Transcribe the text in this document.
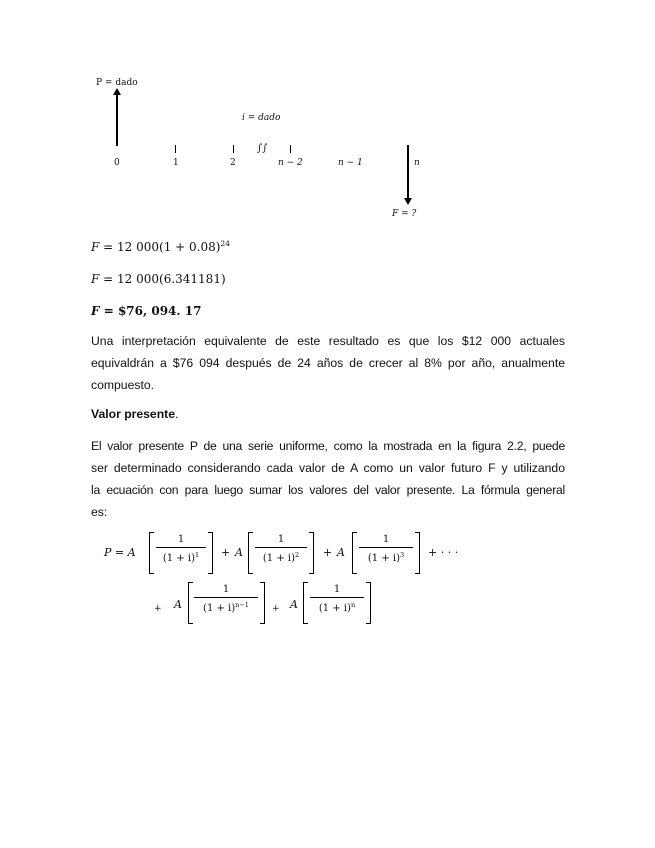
P = dado
i = dado
∫∫
0	1	2	n − 2	n − 1	n
F = ?
F = 12 $000(1 + 0.08)^{24}$
F = 12 000(6.341181)
F = $76, 094. 17
Una interpretación equivalente de este resultado es que los $12 000 actuales
equivaldrán a $76 094 después de 24 años de crecer al 8% por año, anualmente
compuesto.

Valor presente.

El valor presente P de una serie uniforme, como la mostrada en la figura 2.2, puede
ser determinado considerando cada valor de A como un valor futuro F y utilizando
la ecuación con para luego sumar los valores del valor presente. La fórmula general
es:
P = A
1
$(1 + i)^1$	+ A
1
$(1 + i)^2$	+ A
1
$(1 + i)^3$	+ · · ·
+ A
1
$(1 + i)^{n-1}$	+ A
1
$(1 + i)^n$
